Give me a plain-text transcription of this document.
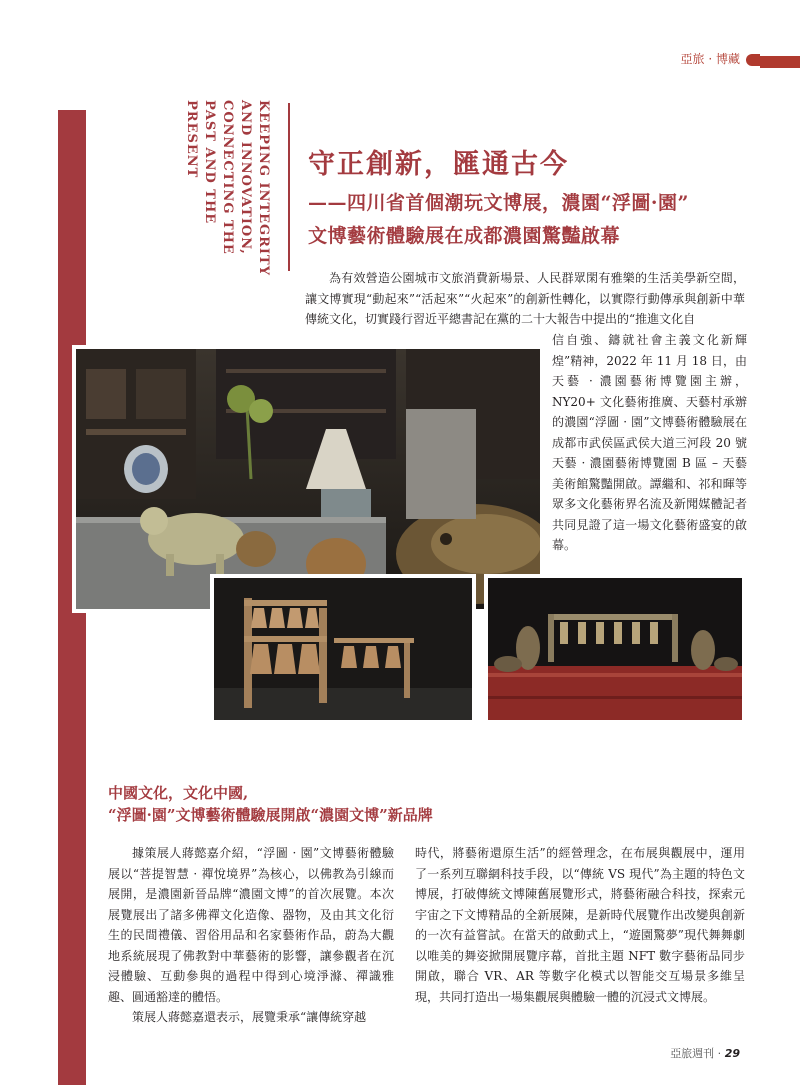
亞旅 · 博藏
KEEPING INTEGRITY
AND INNOVATION,
CONNECTING THE
PAST AND THE
PRESENT	守正創新，匯通古今
——四川省首個潮玩文博展，濃園“浮圖·園”
文博藝術體驗展在成都濃園驚豔啟幕
為有效營造公園城市文旅消費新場景、人民群眾閑有雅樂的生活美學新空間，讓文博實現“動起來”“活起來”“火起來”的創新性轉化，以實際行動傳承與創新中華傳統文化，切實踐行習近平總書記在黨的二十大報告中提出的“推進文化自
信自強、鑄就社會主義文化新輝煌”精神，2022 年 11 月 18 日，由天藝 · 濃園藝術博覽園主辦，NY20+ 文化藝術推廣、天藝村承辦的濃園“浮圖 · 園”文博藝術體驗展在成都市武侯區武侯大道三河段 20 號天藝 · 濃園藝術博覽園 B 區 – 天藝美術館驚豔開啟。譚繼和、祁和暉等眾多文化藝術界名流及新聞媒體記者共同見證了這一場文化藝術盛宴的啟幕。
中國文化，文化中國,
“浮圖·園”文博藝術體驗展開啟“濃園文博”新品牌
據策展人蔣懿嘉介紹，“浮圖 · 園”文博藝術體驗展以“菩提智慧 · 禪悅境界”為核心，以佛教為引線而展開，是濃園新晉品牌“濃園文博”的首次展覽。本次展覽展出了諸多佛禪文化造像、器物，及由其文化衍生的民間禮儀、習俗用品和名家藝術作品，蔚為大觀地系統展現了佛教對中華藝術的影響，讓參觀者在沉浸體驗、互動參與的過程中得到心境淨滌、禪識雅趣、圓通豁達的體悟。
策展人蔣懿嘉還表示，展覽秉承“讓傳統穿越
時代，將藝術還原生活”的經營理念，在布展與觀展中，運用了一系列互聯網科技手段，以“傳統 VS 現代”為主題的特色文博展，打破傳統文博陳舊展覽形式，將藝術融合科技，探索元宇宙之下文博精品的全新展陳，是新時代展覽作出改變與創新的一次有益嘗試。在當天的啟動式上，“遊園驚夢”現代舞舞劇以唯美的舞姿掀開展覽序幕，首批主題 NFT 數字藝術品同步開啟，聯合 VR、AR 等數字化模式以智能交互場景多維呈現，共同打造出一場集觀展與體驗一體的沉浸式文博展。
亞旅週刊 · 29
